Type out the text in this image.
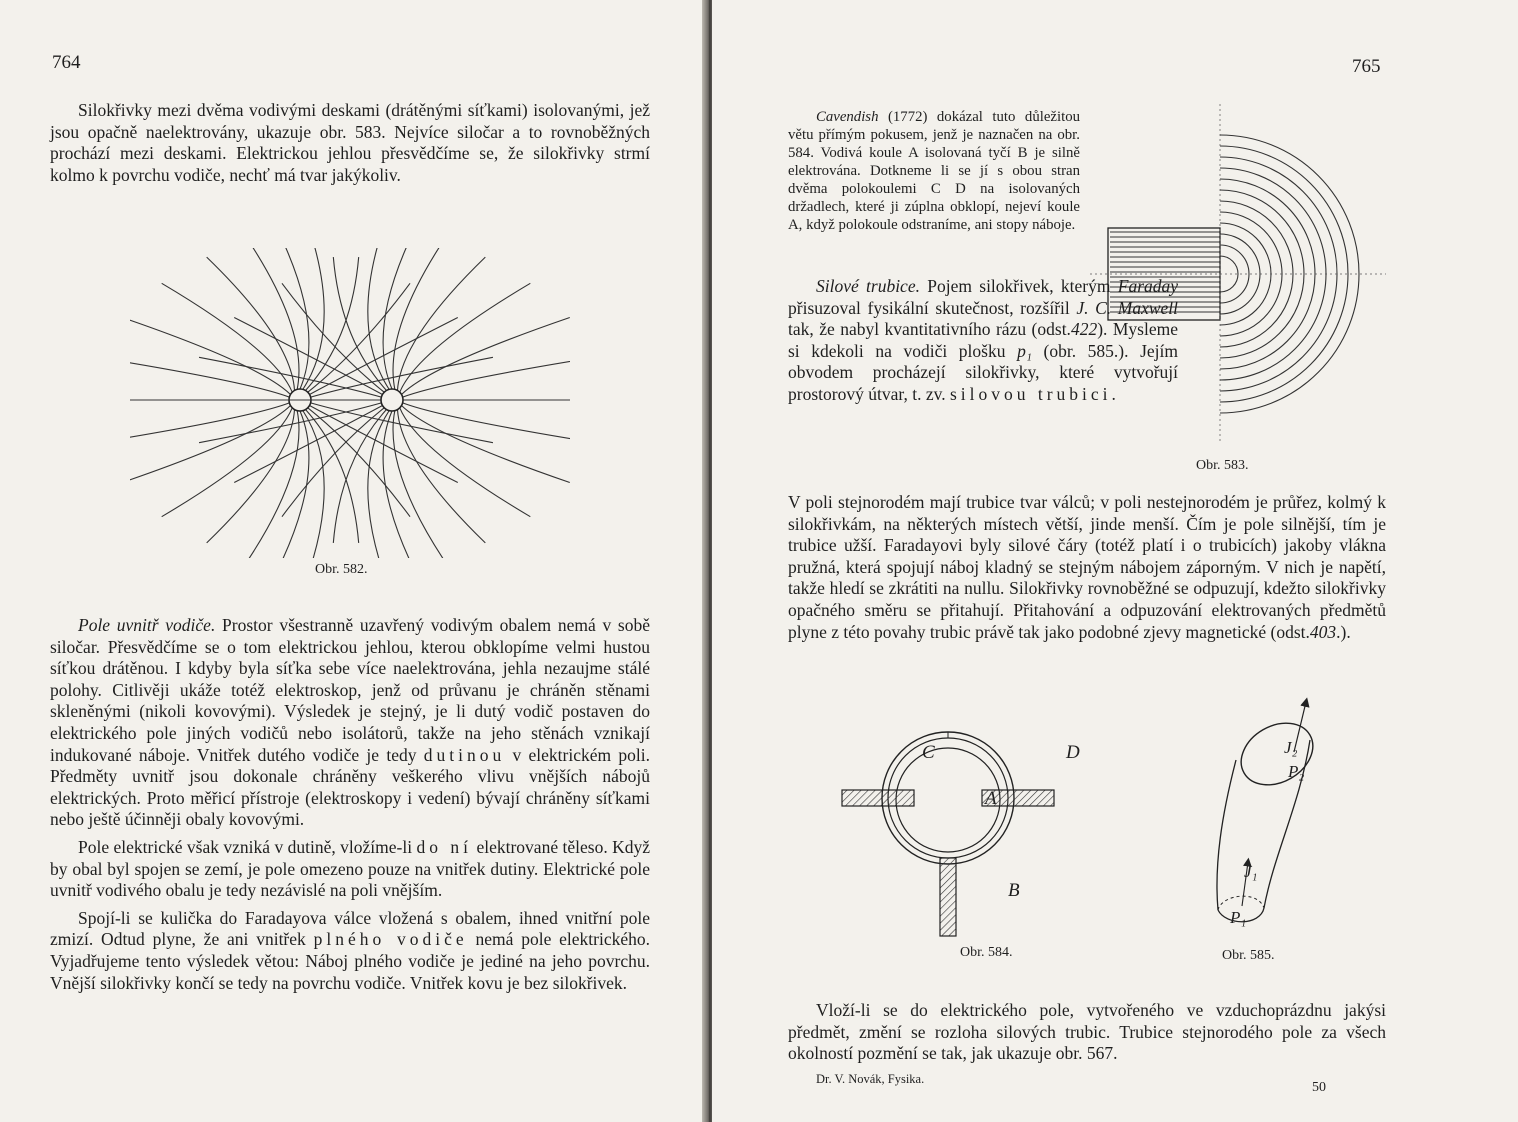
764

Silokřivky mezi dvěma vodivými deskami (drátěnými síťkami) isolovanými, jež jsou opačně naelektrovány, ukazuje obr. 583. Nejvíce siločar a to rovnoběžných prochází mezi deskami. Elektrickou jehlou přesvědčíme se, že silokřivky strmí kolmo k povrchu vodiče, nechť má tvar jakýkoliv.

Obr. 582.

Pole uvnitř vodiče. Prostor všestranně uzavřený vodivým obalem nemá v sobě siločar. Přesvědčíme se o tom elektrickou jehlou, kterou obklopíme velmi hustou síťkou drátěnou. I kdyby byla síťka sebe více naelektrována, jehla nezaujme stálé polohy. Citlivěji ukáže totéž elektroskop, jenž od průvanu je chráněn stěnami skleněnými (nikoli kovovými). Výsledek je stejný, je li dutý vodič postaven do elektrického pole jiných vodičů nebo isolátorů, takže na jeho stěnách vznikají indukované náboje. Vnitřek dutého vodiče je tedy dutinou v elektrickém poli. Předměty uvnitř jsou dokonale chráněny veškerého vlivu vnějších nábojů elektrických. Proto měřicí přístroje (elektroskopy i vedení) bývají chráněny síťkami nebo ještě účinněji obaly kovovými.

Pole elektrické však vzniká v dutině, vložíme-li do ní elektrované těleso. Když by obal byl spojen se zemí, je pole omezeno pouze na vnitřek dutiny. Elektrické pole uvnitř vodivého obalu je tedy nezávislé na poli vnějším.

Spojí-li se kulička do Faradayova válce vložená s obalem, ihned vnitřní pole zmizí. Odtud plyne, že ani vnitřek plného vodiče nemá pole elektrického. Vyjadřujeme tento výsledek větou: Náboj plného vodiče je jediné na jeho povrchu. Vnější silokřivky končí se tedy na povrchu vodiče. Vnitřek kovu je bez silokřivek.

765

Cavendish (1772) dokázal tuto důležitou větu přímým pokusem, jenž je naznačen na obr. 584. Vodivá koule A isolovaná tyčí B je silně elektrována. Dotkneme li se jí s obou stran dvěma polokoulemi C D na isolovaných držadlech, které ji zúplna obklopí, nejeví koule A, když polokoule odstraníme, ani stopy náboje.

Obr. 583.

Silové trubice. Pojem silokřivek, kterým Faraday přisuzoval fysikální skutečnost, rozšířil J. C. Maxwell tak, že nabyl kvantitativního rázu (odst.422). Mysleme si kdekoli na vodiči plošku p₁ (obr. 585.). Jejím obvodem procházejí silokřivky, které vytvořují prostorový útvar, t. zv. silovou trubici.

V poli stejnorodém mají trubice tvar válců; v poli nestejnorodém je průřez, kolmý k silokřivkám, na některých místech větší, jinde menší. Čím je pole silnější, tím je trubice užší. Faradayovi byly silové čáry (totéž platí i o trubicích) jakoby vlákna pružná, která spojují náboj kladný se stejným nábojem záporným. V nich je napětí, takže hledí se zkrátiti na nullu. Silokřivky rovnoběžné se odpuzují, kdežto silokřivky opačného směru se přitahují. Přitahování a odpuzování elektrovaných předmětů plyne z této povahy trubic právě tak jako podobné zjevy magnetické (odst.403.).

C	D
A
B
Obr. 584.
J₂
P₂
J₁
P₁
Obr. 585.

Vloží-li se do elektrického pole, vytvořeného ve vzduchoprázdnu jakýsi předmět, změní se rozloha silových trubic. Trubice stejnorodého pole za všech okolností pozmění se tak, jak ukazuje obr. 567.

Dr. V. Novák, Fysika.
50
